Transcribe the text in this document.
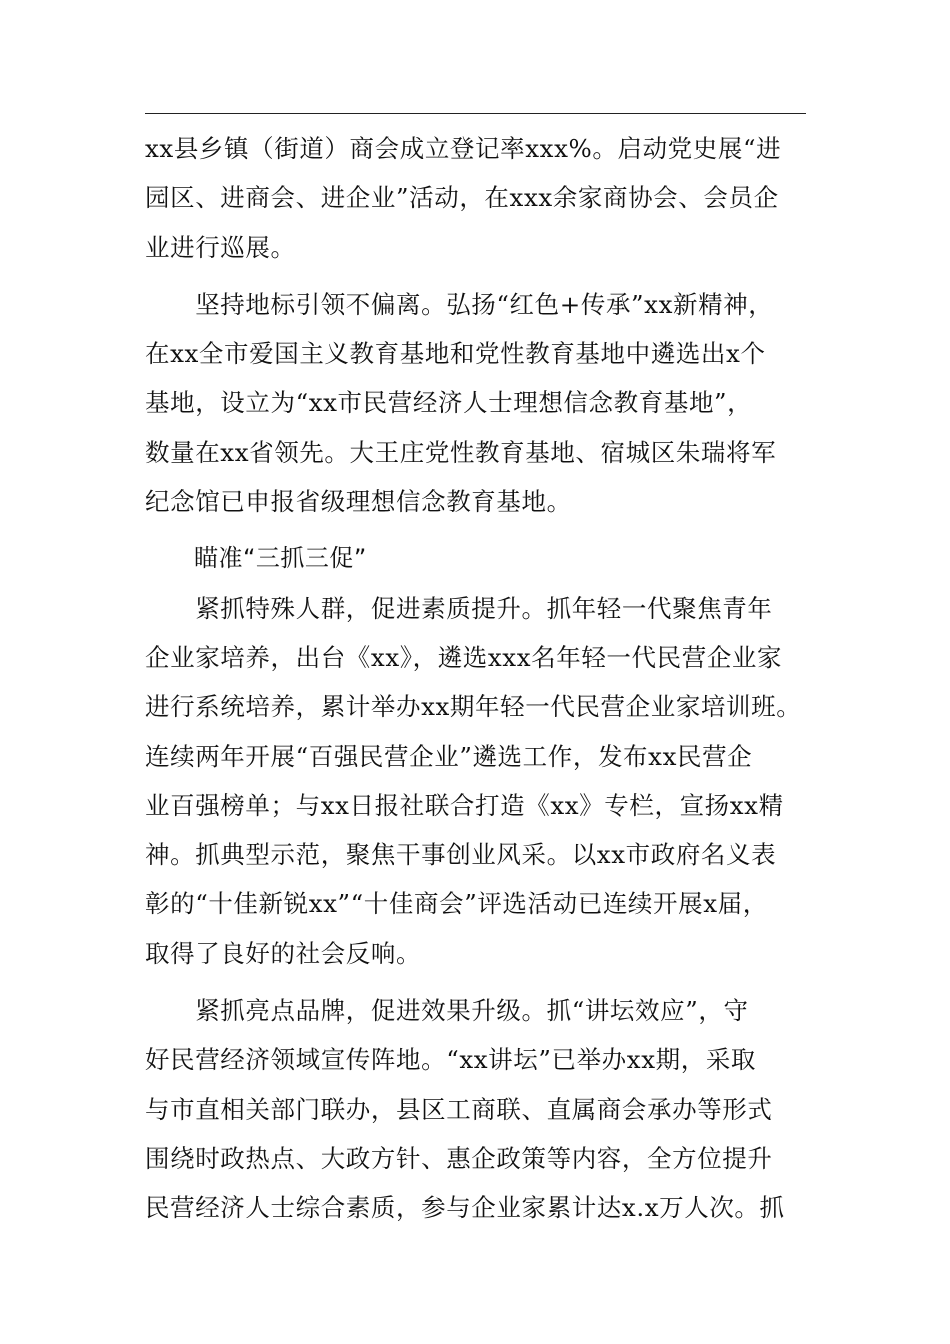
xx县乡镇（街道）商会成立登记率xxx%。启动党史展“进
园区、进商会、进企业”活动，在xxx余家商协会、会员企
业进行巡展。
　　坚持地标引领不偏离。弘扬“红色+传承”xx新精神，
在xx全市爱国主义教育基地和党性教育基地中遴选出x个
基地，设立为“xx市民营经济人士理想信念教育基地”，
数量在xx省领先。大王庄党性教育基地、宿城区朱瑞将军
纪念馆已申报省级理想信念教育基地。
　　瞄准“三抓三促”
　　紧抓特殊人群，促进素质提升。抓年轻一代聚焦青年
企业家培养，出台《xx》，遴选xxx名年轻一代民营企业家
进行系统培养，累计举办xx期年轻一代民营企业家培训班。
连续两年开展“百强民营企业”遴选工作，发布xx民营企
业百强榜单；与xx日报社联合打造《xx》专栏，宣扬xx精
神。抓典型示范，聚焦干事创业风采。以xx市政府名义表
彰的“十佳新锐xx”“十佳商会”评选活动已连续开展x届，
取得了良好的社会反响。
　　紧抓亮点品牌，促进效果升级。抓“讲坛效应”，守
好民营经济领域宣传阵地。“xx讲坛”已举办xx期，采取
与市直相关部门联办，县区工商联、直属商会承办等形式
围绕时政热点、大政方针、惠企政策等内容，全方位提升
民营经济人士综合素质，参与企业家累计达x.x万人次。抓
